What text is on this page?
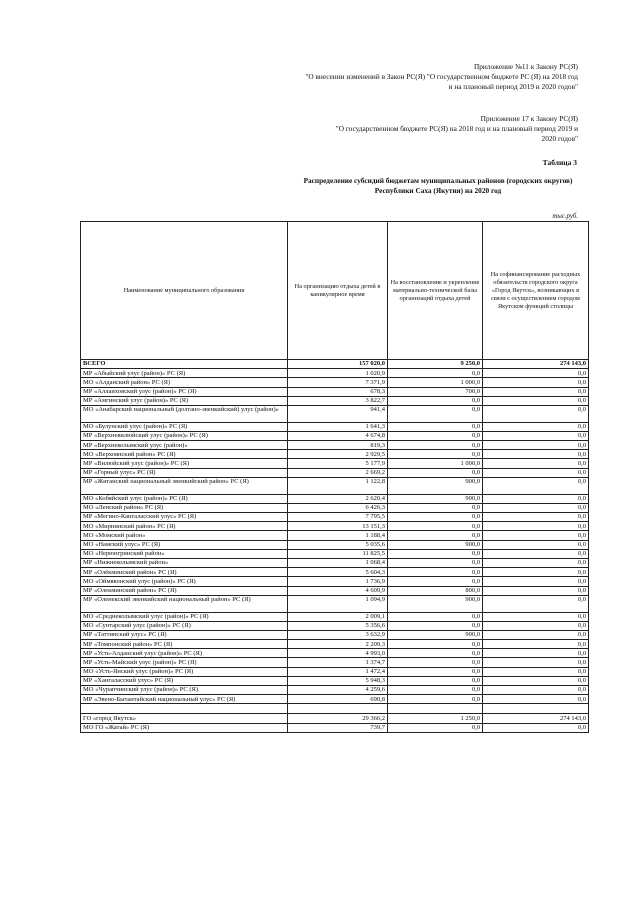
Приложение №11 к Закону РС(Я)
"О внесении изменений в Закон РС(Я) "О государственном бюджете РС (Я) на 2018 год
и на плановый период 2019 и 2020 годов"
Приложение 17 к Закону РС(Я)
"О государственном бюджете РС(Я) на 2018 год и на плановый период 2019 и
2020 годов"
Таблица 3
Распределение субсидий бюджетам муниципальных районов (городских округов) Республики Саха (Якутия) на 2020 год
тыс.руб.
Наименование муниципального образования	На организацию отдыха детей в каникулярное время	На восстановление и укрепление материально-технической базы организаций отдыха детей	На софинансирование расходных обязательств городского округа «Город Якутск», возникающих в связи с осуществлением городом Якутском функций столицы
ВСЕГО	157 020,0	9 250,0	274 143,0
МР «Абыйский улус (район)» РС (Я)	1 020,9	0,0	0,0
МО «Алданский район» РС (Я)	7 371,9	1 000,0	0,0
МР «Аллаиховский улус (район)» РС (Я)	678,3	700,0	0,0
МР «Амгинский улус (район)» РС (Я)	3 822,7	0,0	0,0
МО «Анабарский национальный (долгано-эвенкийский) улус (район)»	941,4	0,0	0,0
МО «Булунский улус (район)» РС (Я)	1 641,3	0,0	0,0
МР «Верхневилюйский улус (район)» РС (Я)	4 674,8	0,0	0,0
МР «Верхнеколымский улус (район)»	819,3	0,0	0,0
МО «Верхоянский район» РС (Я)	2 929,5	0,0	0,0
МР «Вилюйский улус (район)» РС (Я)	5 177,9	1 000,0	0,0
МР «Горный улус» РС (Я)	2 669,2	0,0	0,0
МР «Жиганский национальный эвенкийский район» РС (Я)	1 122,8	900,0	0,0
МО «Кобяйский улус (район)» РС (Я)	2 620,4	900,0	0,0
МО «Ленский район» РС (Я)	6 426,3	0,0	0,0
МР «Мегино-Кангаласский улус» РС (Я)	7 795,5	0,0	0,0
МО «Мирнинский район» РС (Я)	13 151,3	0,0	0,0
МО «Момский район»	1 188,4	0,0	0,0
МО «Намский улус» РС (Я)	5 035,6	900,0	0,0
МО «Нерюнгринский район»	11 825,5	0,0	0,0
МР «Нижнеколымский район»	1 068,4	0,0	0,0
МР «Олёкминский район» РС (Я)	5 604,3	0,0	0,0
МО «Оймяконский улус (район)» РС (Я)	1 736,9	0,0	0,0
МР «Олекминский район» РС (Я)	4 609,9	800,0	0,0
МР «Оленекский эвенкийский национальный район» РС (Я)	1 094,9	900,0	0,0
МО «Среднеколымский улус (район)» РС (Я)	2 009,1	0,0	0,0
МО «Сунтарский улус (район)» РС (Я)	5 356,6	0,0	0,0
МР «Таттинский улус» РС (Я)	3 632,9	900,0	0,0
МР «Томпонский район» РС (Я)	2 209,3	0,0	0,0
МР «Усть-Алданский улус (район)» РС (Я)	4 993,0	0,0	0,0
МР «Усть-Майский улус (район)» РС (Я)	1 374,7	0,0	0,0
МО «Усть-Янский улус (район)» РС (Я)	1 472,4	0,0	0,0
МР «Хангаласский улус» РС (Я)	5 948,3	0,0	0,0
МО «Чурапчинский улус (район)» РС (Я)	4 259,6	0,0	0,0
МР «Эвено-Бытантайский национальный улус» РС (Я)	690,8	0,0	0,0

ГО «город Якутск»	29 366,2	1 250,0	274 143,0
МО ГО «Жатай» РС (Я)	739,7	0,0	0,0
